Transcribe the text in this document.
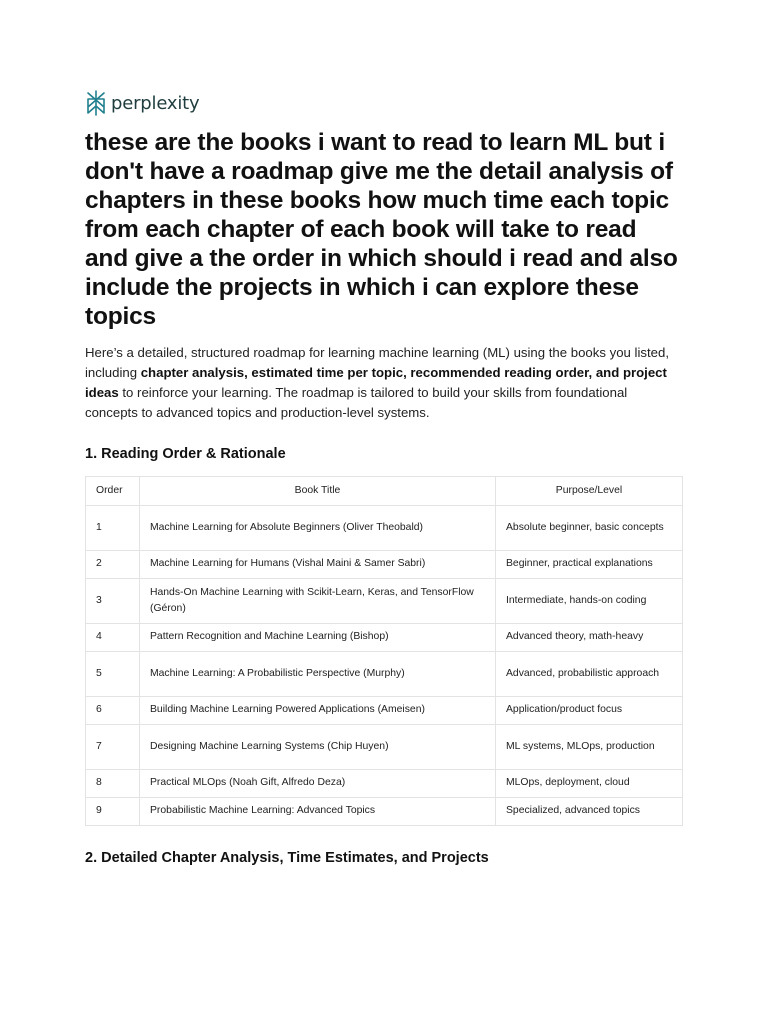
perplexity
these are the books i want to read to learn ML but i don't have a roadmap give me the detail analysis of chapters in these books how much time each topic from each chapter of each book will take to read and give a the order in which should i read and also include the projects in which i can explore these topics

Here’s a detailed, structured roadmap for learning machine learning (ML) using the books you listed, including chapter analysis, estimated time per topic, recommended reading order, and project ideas to reinforce your learning. The roadmap is tailored to build your skills from foundational concepts to advanced topics and production-level systems.

1. Reading Order & Rationale
Order	Book Title	Purpose/Level
1	Machine Learning for Absolute Beginners (Oliver Theobald)	Absolute beginner, basic concepts
2	Machine Learning for Humans (Vishal Maini & Samer Sabri)	Beginner, practical explanations
3	Hands-On Machine Learning with Scikit-Learn, Keras, and TensorFlow (Géron)	Intermediate, hands-on coding
4	Pattern Recognition and Machine Learning (Bishop)	Advanced theory, math-heavy
5	Machine Learning: A Probabilistic Perspective (Murphy)	Advanced, probabilistic approach
6	Building Machine Learning Powered Applications (Ameisen)	Application/product focus
7	Designing Machine Learning Systems (Chip Huyen)	ML systems, MLOps, production
8	Practical MLOps (Noah Gift, Alfredo Deza)	MLOps, deployment, cloud
9	Probabilistic Machine Learning: Advanced Topics	Specialized, advanced topics
2. Detailed Chapter Analysis, Time Estimates, and Projects
